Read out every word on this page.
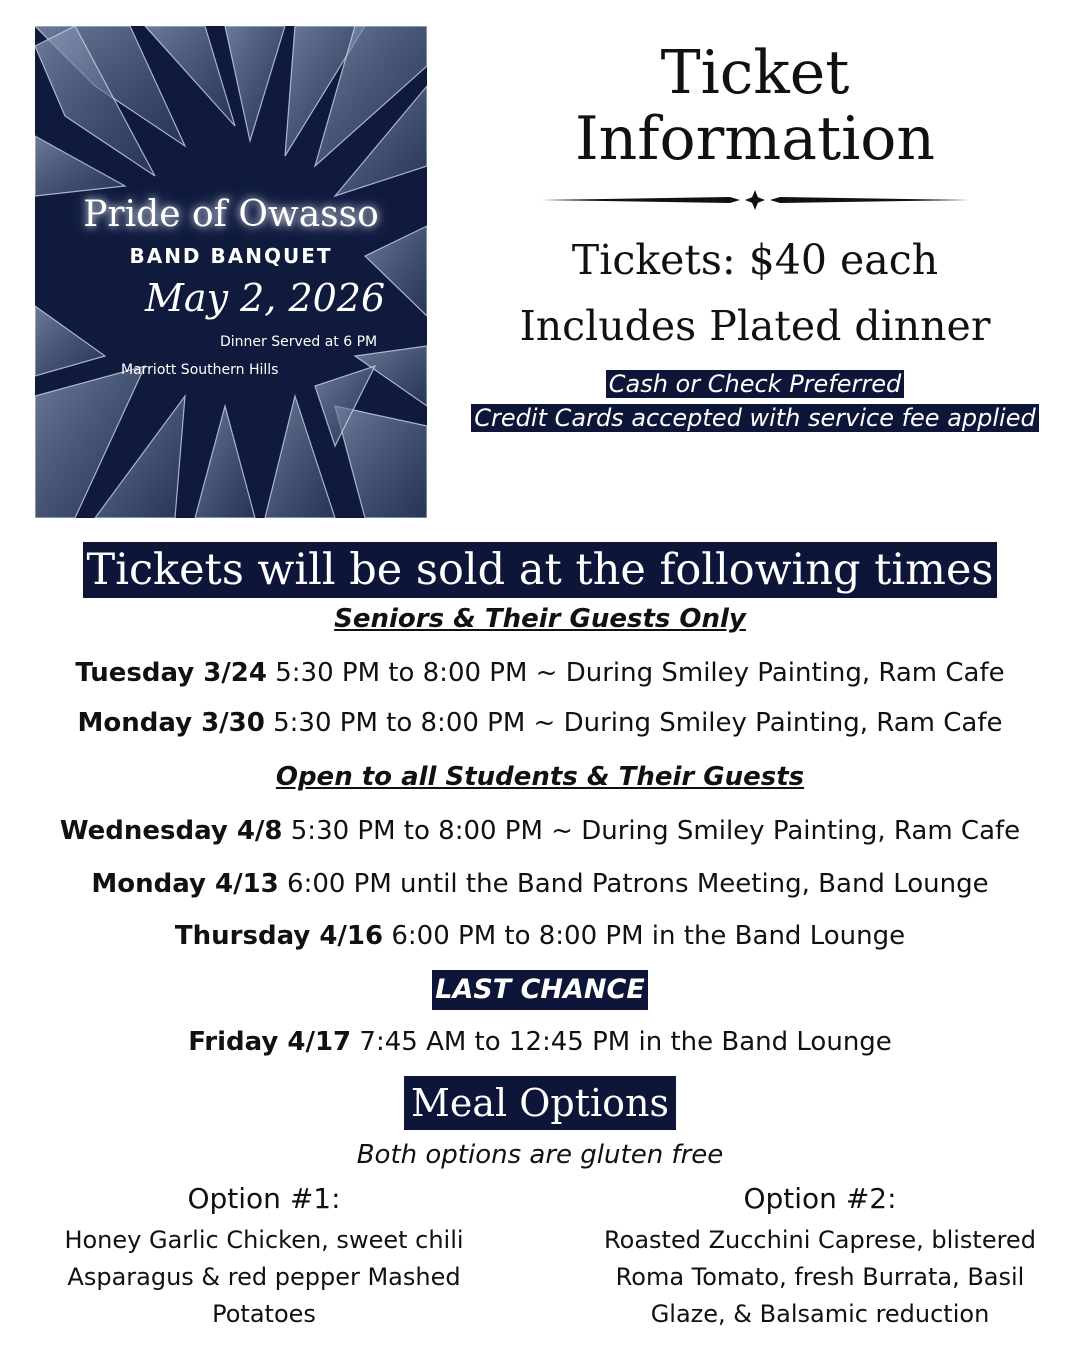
Pride of Owasso
BAND BANQUET
May 2, 2026
Dinner Served at 6 PM
Marriott Southern Hills
Ticket
Information
Tickets: $40 each
Includes Plated dinner
Cash or Check Preferred
Credit Cards accepted with service fee applied
Tickets will be sold at the following times
Seniors & Their Guests Only
Tuesday 3/24 5:30 PM to 8:00 PM ~ During Smiley Painting, Ram Cafe
Monday 3/30 5:30 PM to 8:00 PM ~ During Smiley Painting, Ram Cafe
Open to all Students & Their Guests
Wednesday 4/8 5:30 PM to 8:00 PM ~ During Smiley Painting, Ram Cafe
Monday 4/13 6:00 PM until the Band Patrons Meeting, Band Lounge
Thursday 4/16 6:00 PM to 8:00 PM in the Band Lounge
LAST CHANCE
Friday 4/17 7:45 AM to 12:45 PM in the Band Lounge
Meal Options
Both options are gluten free
Option #1:
Honey Garlic Chicken, sweet chili
Asparagus & red pepper Mashed
Potatoes
Option #2:
Roasted Zucchini Caprese, blistered
Roma Tomato, fresh Burrata, Basil
Glaze, & Balsamic reduction
